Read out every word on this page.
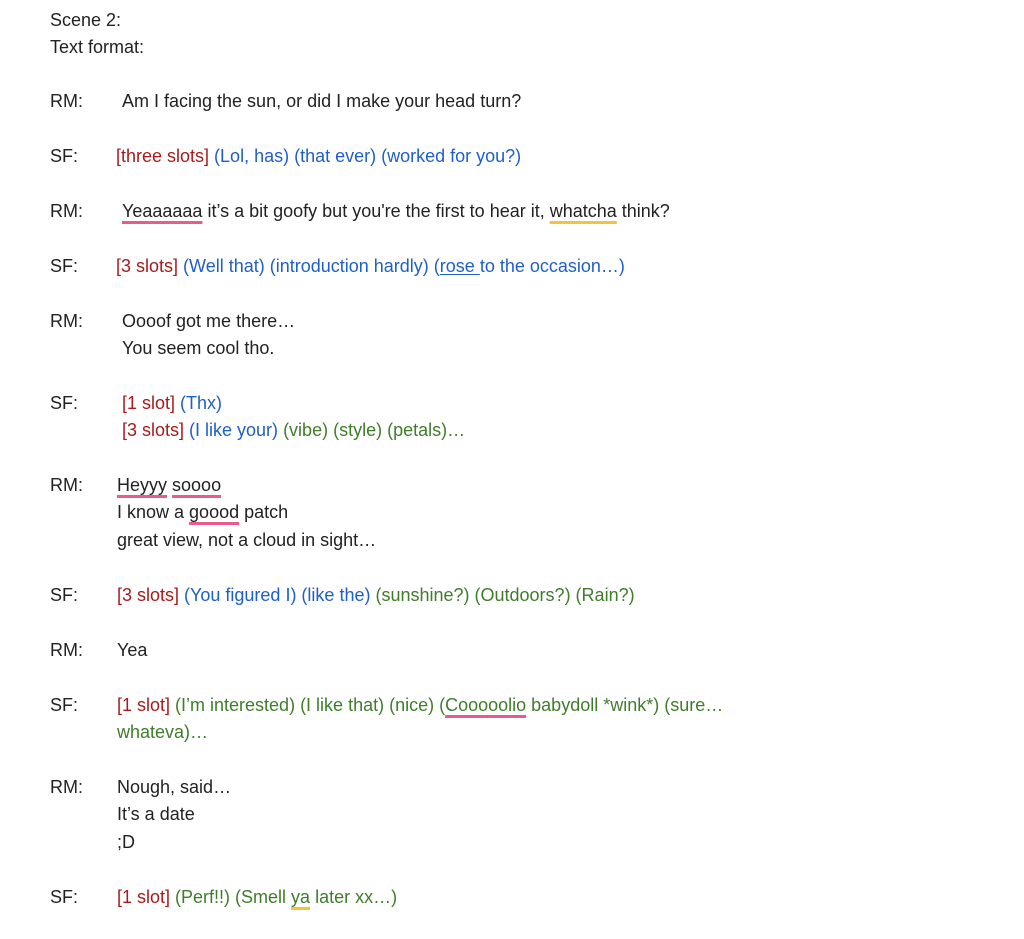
Scene 2:
Text format:
RM: Am I facing the sun, or did I make your head turn?
SF: [three slots] (Lol, has) (that ever) (worked for you?)
RM: Yeaaaaaa it’s a bit goofy but you're the first to hear it, whatcha think?
SF: [3 slots] (Well that) (introduction hardly) (rose to the occasion…)
RM: Oooof got me there…
You seem cool tho.
SF: [1 slot] (Thx)
[3 slots] (I like your) (vibe) (style) (petals)…
RM: Heyyy soooo
I know a goood patch
great view, not a cloud in sight…
SF: [3 slots] (You figured I) (like the) (sunshine?) (Outdoors?) (Rain?)
RM: Yea
SF: [1 slot] (I’m interested) (I like that) (nice) (Cooooolio babydoll *wink*) (sure…
whateva)…
RM: Nough, said…
It’s a date
;D
SF: [1 slot] (Perf!!) (Smell ya later xx…)
